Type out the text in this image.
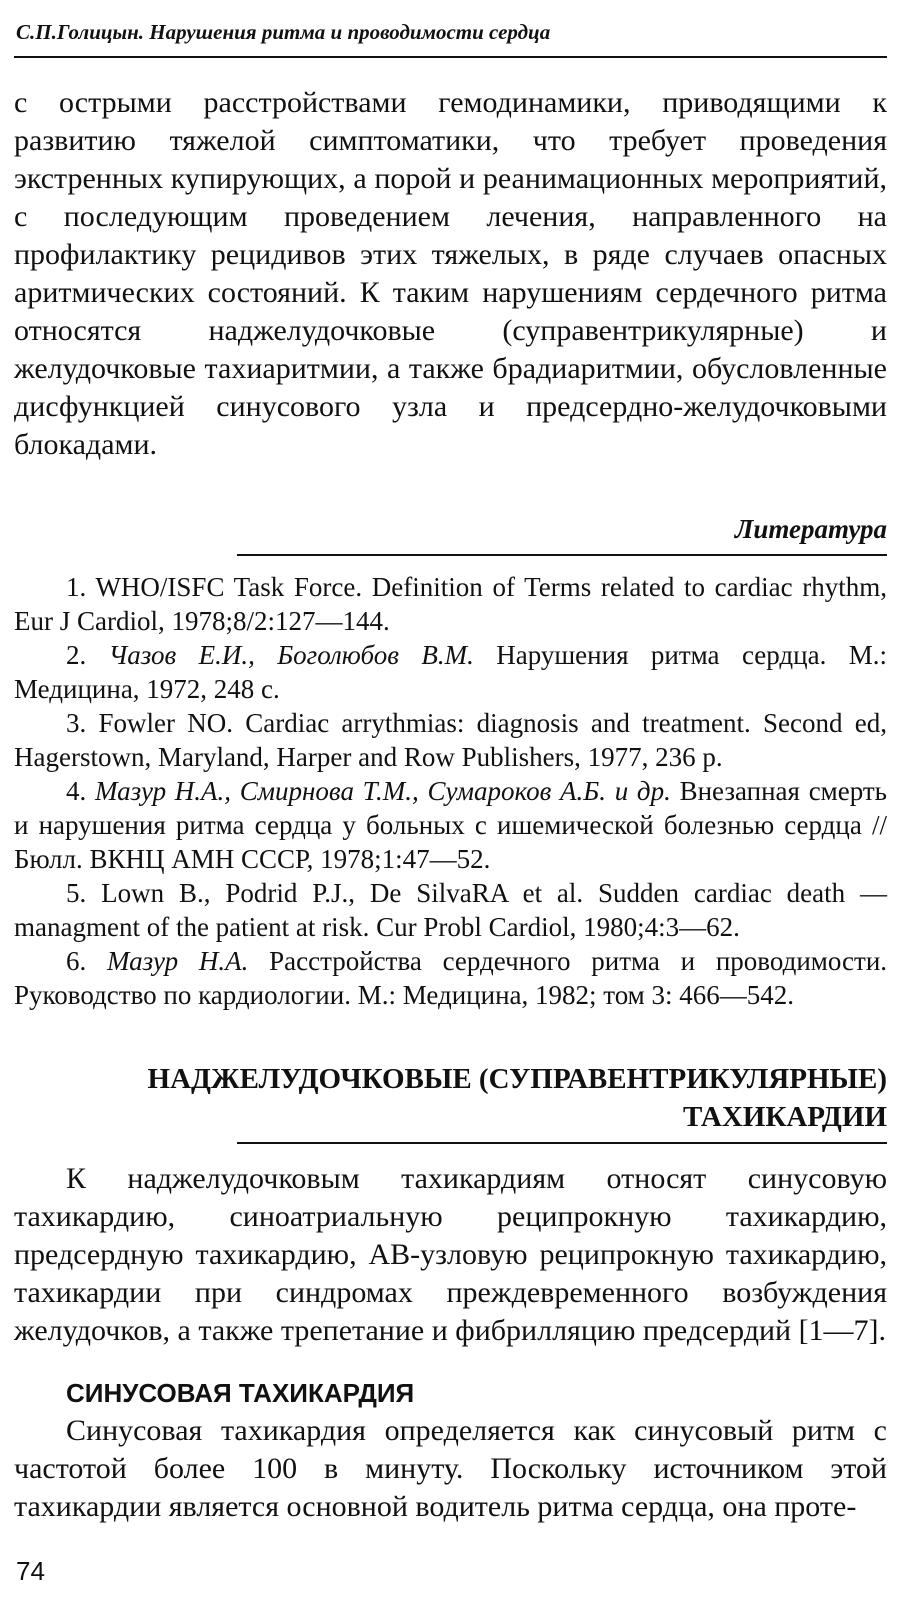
С.П.Голицын. Нарушения ритма и проводимости сердца

с острыми расстройствами гемодинамики, приводящими к развитию тяжелой симптоматики, что требует проведения экстренных купирующих, а порой и реанимационных мероприятий, с последующим проведением лечения, направленного на профилактику рецидивов этих тяжелых, в ряде случаев опасных аритмических состояний. К таким нарушениям сердечного ритма относятся наджелудочковые (суправентрикулярные) и желудочковые тахиаритмии, а также брадиаритмии, обусловленные дисфункцией синусового узла и предсердно-желудочковыми блокадами.

Литература

1. WHO/ISFC Task Force. Definition of Terms related to cardiac rhythm, Eur J Cardiol, 1978;8/2:127—144.

2. Чазов Е.И., Боголюбов В.М. Нарушения ритма сердца. М.: Медицина, 1972, 248 с.

3. Fowler NO. Cardiac arrythmias: diagnosis and treatment. Second ed, Hagerstown, Maryland, Harper and Row Publishers, 1977, 236 p.

4. Мазур Н.А., Смирнова Т.М., Сумароков А.Б. и др. Внезапная смерть и нарушения ритма сердца у больных с ишемической болезнью сердца // Бюлл. ВКНЦ АМН СССР, 1978;1:47—52.

5. Lown B., Podrid P.J., De SilvaRA et al. Sudden cardiac death — managment of the patient at risk. Cur Probl Cardiol, 1980;4:3—62.

6. Мазур Н.А. Расстройства сердечного ритма и проводимости. Руководство по кардиологии. М.: Медицина, 1982; том 3: 466—542.

НАДЖЕЛУДОЧКОВЫЕ (СУПРАВЕНТРИКУЛЯРНЫЕ)
ТАХИКАРДИИ

К наджелудочковым тахикардиям относят синусовую тахикардию, синоатриальную реципрокную тахикардию, предсердную тахикардию, АВ-узловую реципрокную тахикардию, тахикардии при синдромах преждевременного возбуждения желудочков, а также трепетание и фибрилляцию предсердий [1—7].

СИНУСОВАЯ ТАХИКАРДИЯ

Синусовая тахикардия определяется как синусовый ритм с частотой более 100 в минуту. Поскольку источником этой тахикардии является основной водитель ритма сердца, она проте-

74
